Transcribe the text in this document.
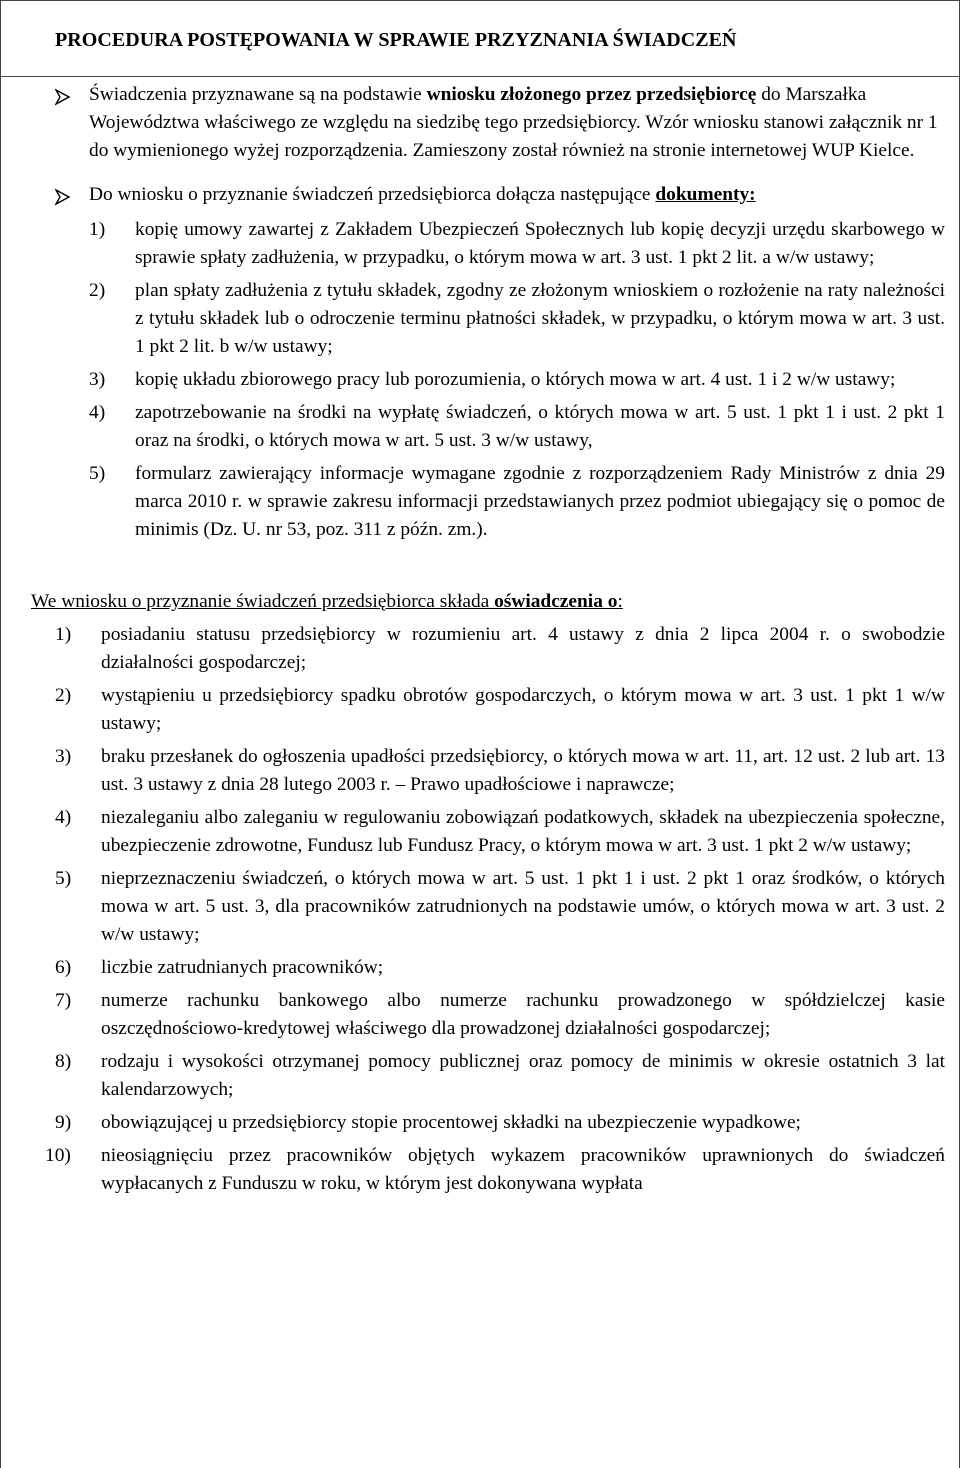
PROCEDURA POSTĘPOWANIA W SPRAWIE PRZYZNANIA ŚWIADCZEŃ

Świadczenia przyznawane są na podstawie wniosku złożonego przez przedsiębiorcę do Marszałka Województwa właściwego ze względu na siedzibę tego przedsiębiorcy. Wzór wniosku stanowi załącznik nr 1 do wymienionego wyżej rozporządzenia. Zamieszony został również na stronie internetowej WUP Kielce.

Do wniosku o przyznanie świadczeń przedsiębiorca dołącza następujące dokumenty:

1) kopię umowy zawartej z Zakładem Ubezpieczeń Społecznych lub kopię decyzji urzędu skarbowego w sprawie spłaty zadłużenia, w przypadku, o którym mowa w art. 3 ust. 1 pkt 2 lit. a w/w ustawy;
2) plan spłaty zadłużenia z tytułu składek, zgodny ze złożonym wnioskiem o rozłożenie na raty należności z tytułu składek lub o odroczenie terminu płatności składek, w przypadku, o którym mowa w art. 3 ust. 1 pkt 2 lit. b w/w ustawy;
3) kopię układu zbiorowego pracy lub porozumienia, o których mowa w art. 4 ust. 1 i 2 w/w ustawy;
4) zapotrzebowanie na środki na wypłatę świadczeń, o których mowa w art. 5 ust. 1 pkt 1 i ust. 2 pkt 1 oraz na środki, o których mowa w art. 5 ust. 3 w/w ustawy,
5) formularz zawierający informacje wymagane zgodnie z rozporządzeniem Rady Ministrów z dnia 29 marca 2010 r. w sprawie zakresu informacji przedstawianych przez podmiot ubiegający się o pomoc de minimis (Dz. U. nr 53, poz. 311 z późn. zm.).

We wniosku o przyznanie świadczeń przedsiębiorca składa oświadczenia o:

1) posiadaniu statusu przedsiębiorcy w rozumieniu art. 4 ustawy z dnia 2 lipca 2004 r. o swobodzie działalności gospodarczej;
2) wystąpieniu u przedsiębiorcy spadku obrotów gospodarczych, o którym mowa w art. 3 ust. 1 pkt 1 w/w ustawy;
3) braku przesłanek do ogłoszenia upadłości przedsiębiorcy, o których mowa w art. 11, art. 12 ust. 2 lub art. 13 ust. 3 ustawy z dnia 28 lutego 2003 r. – Prawo upadłościowe i naprawcze;
4) niezaleganiu albo zaleganiu w regulowaniu zobowiązań podatkowych, składek na ubezpieczenia społeczne, ubezpieczenie zdrowotne, Fundusz lub Fundusz Pracy, o którym mowa w art. 3 ust. 1 pkt 2 w/w ustawy;
5) nieprzeznaczeniu świadczeń, o których mowa w art. 5 ust. 1 pkt 1 i ust. 2 pkt 1 oraz środków, o których mowa w art. 5 ust. 3, dla pracowników zatrudnionych na podstawie umów, o których mowa w art. 3 ust. 2 w/w ustawy;
6) liczbie zatrudnianych pracowników;
7) numerze rachunku bankowego albo numerze rachunku prowadzonego w spółdzielczej kasie oszczędnościowo-kredytowej właściwego dla prowadzonej działalności gospodarczej;
8) rodzaju i wysokości otrzymanej pomocy publicznej oraz pomocy de minimis w okresie ostatnich 3 lat kalendarzowych;
9) obowiązującej u przedsiębiorcy stopie procentowej składki na ubezpieczenie wypadkowe;
10) nieosiągnięciu przez pracowników objętych wykazem pracowników uprawnionych do świadczeń wypłacanych z Funduszu w roku, w którym jest dokonywana wypłata
